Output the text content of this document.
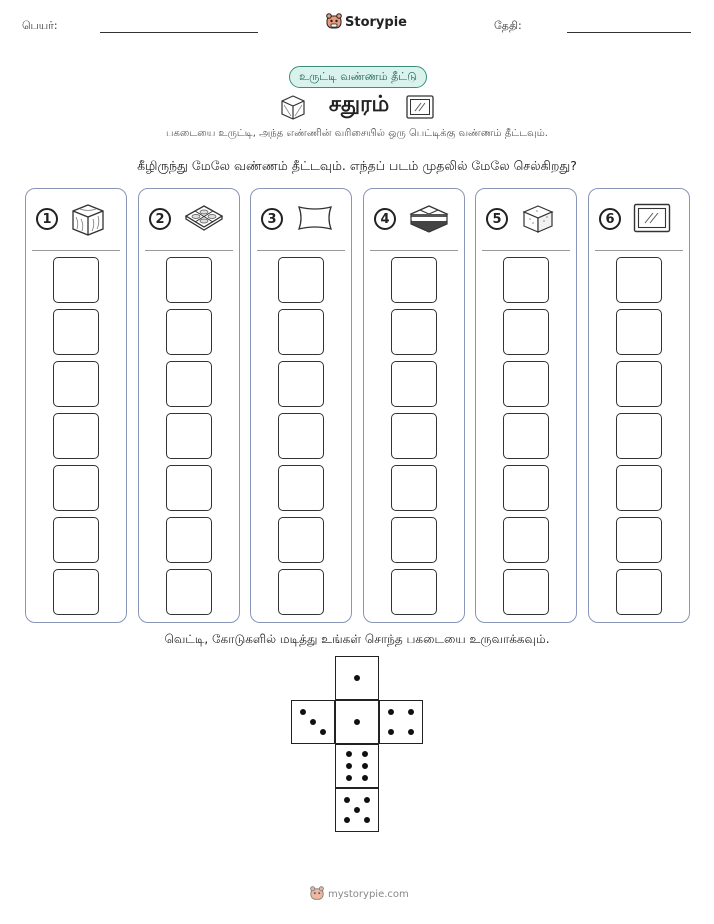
பெயர்:	Storypie	தேதி:
உருட்டி வண்ணம் தீட்டு
சதுரம்
பகடையை உருட்டி, அந்த எண்ணின் வரிசையில் ஒரு பெட்டிக்கு வண்ணம் தீட்டவும்.
கீழிருந்து மேலே வண்ணம் தீட்டவும். எந்தப் படம் முதலில் மேலே செல்கிறது?
1	2	3	4	5	6
வெட்டி, கோடுகளில் மடித்து உங்கள் சொந்த பகடையை உருவாக்கவும்.
mystorypie.com
